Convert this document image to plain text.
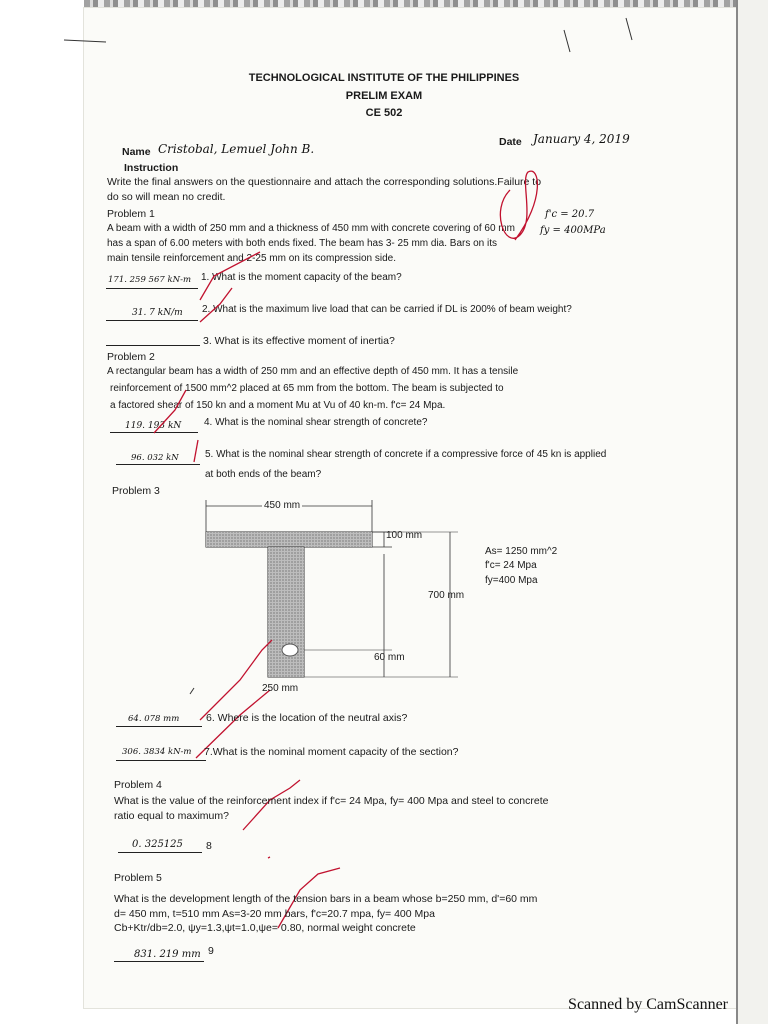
TECHNOLOGICAL INSTITUTE OF THE PHILIPPINES
PRELIM EXAM
CE 502
Name Cristobal, Lemuel John B.	Date January 4, 2019
Instruction
Write the final answers on the questionnaire and attach the corresponding solutions.Failure to
do so will mean no credit.
Problem 1
A beam with a width of 250 mm and a thickness of 450 mm with concrete covering of 60 mm
has a span of 6.00 meters with both ends fixed. The beam has 3- 25 mm dia. Bars on its
main tensile reinforcement and 2-25 mm on its compression side.
f'c = 20.7
fy = 400MPa
171. 259 567 kN-m 1. What is the moment capacity of the beam?
31. 7 kN/m 2. What is the maximum live load that can be carried if DL is 200% of beam weight?
3. What is its effective moment of inertia?
Problem 2
A rectangular beam has a width of 250 mm and an effective depth of 450 mm. It has a tensile
reinforcement of 1500 mm^2 placed at 65 mm from the bottom. The beam is subjected to
a factored shear of 150 kn and a moment Mu at Vu of 40 kn-m. f'c= 24 Mpa.
119. 193 kN 4. What is the nominal shear strength of concrete?
96. 032 kN	5. What is the nominal shear strength of concrete if a compressive force of 45 kn is applied
at both ends of the beam?
Problem 3
450 mm
100 mm
700 mm
60 mm
250 mm
As= 1250 mm^2
f'c= 24 Mpa
fy=400 Mpa
64. 078 mm	6. Where is the location of the neutral axis?
306. 3834 kN-m 7.What is the nominal moment capacity of the section?
Problem 4
What is the value of the reinforcement index if f'c= 24 Mpa, fy= 400 Mpa and steel to concrete
ratio equal to maximum?
0. 325125 8
Problem 5
What is the development length of the tension bars in a beam whose b=250 mm, d'=60 mm
d= 450 mm, t=510 mm As=3-20 mm bars, f'c=20.7 mpa, fy= 400 Mpa
Cb+Ktr/db=2.0, ψy=1.3,ψt=1.0,ψe= 0.80, normal weight concrete
831. 219 mm 9
Scanned by CamScanner
